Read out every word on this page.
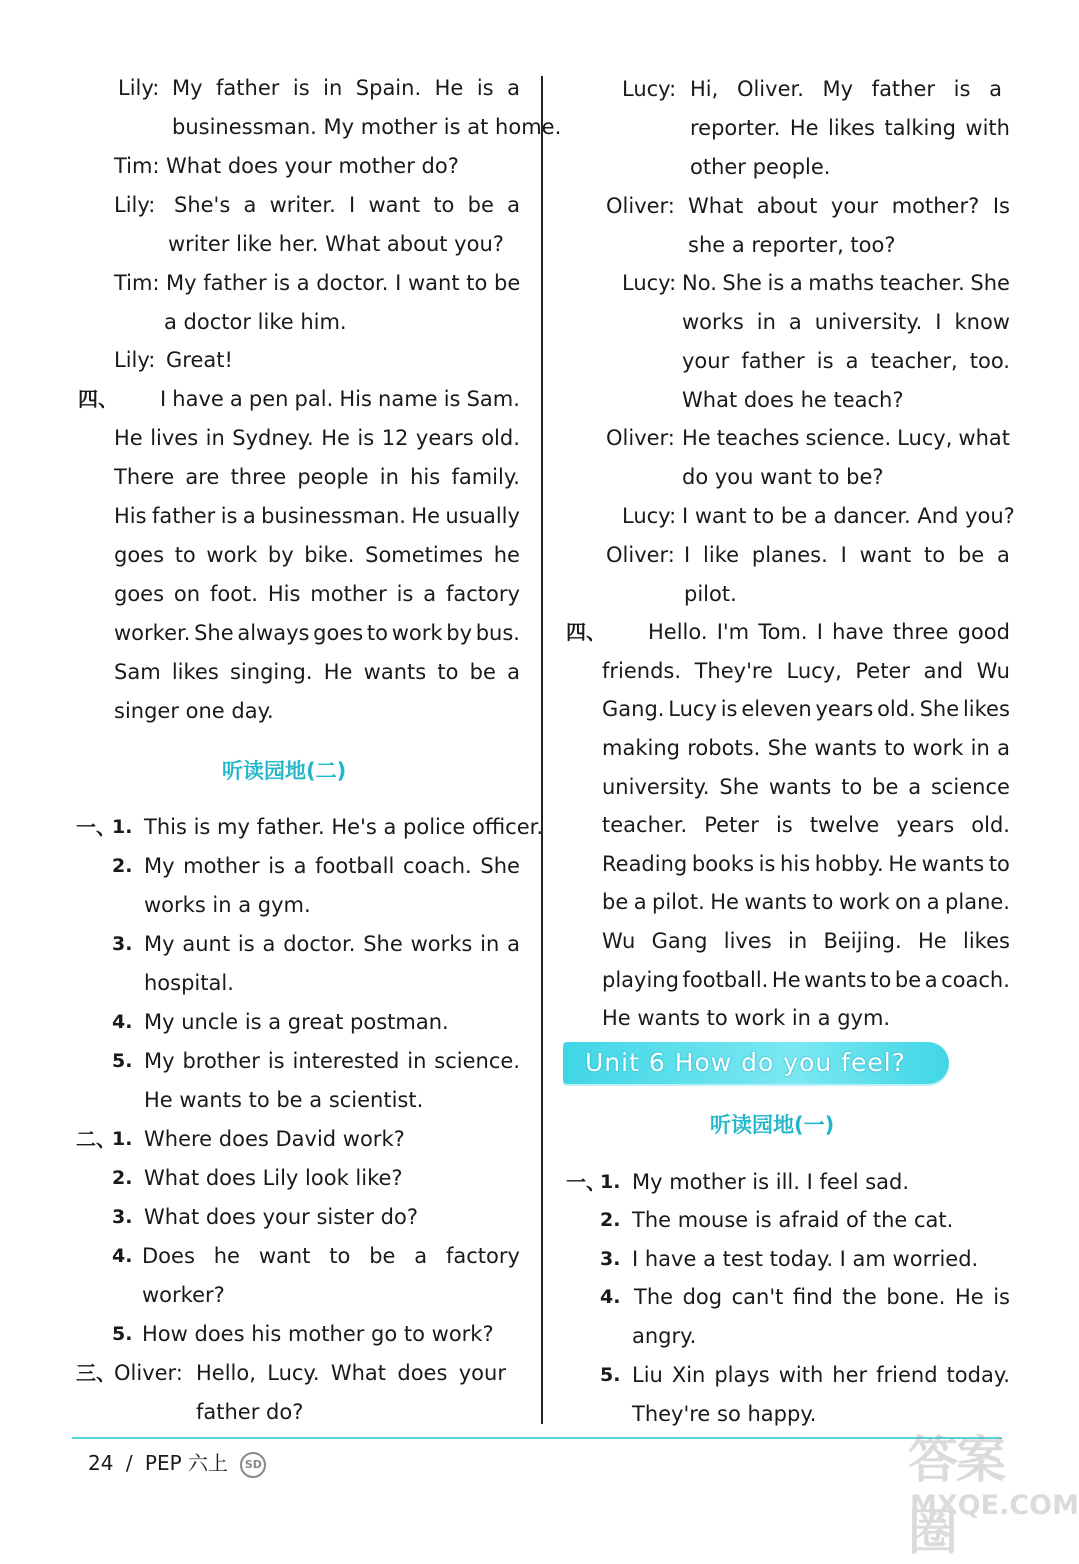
Lily: My father is in Spain. He is a
businessman. My mother is at home.
Tim: What does your mother do?
Lily: She's a writer. I want to be a
writer like her. What about you?
Tim: My father is a doctor. I want to be
a doctor like him.
Lily: Great!
四、 I have a pen pal. His name is Sam.
He lives in Sydney. He is 12 years old.
There are three people in his family.
His father is a businessman. He usually
goes to work by bike. Sometimes he
goes on foot. His mother is a factory
worker. She always goes to work by bus.
Sam likes singing. He wants to be a
singer one day.
听读园地(二)
一、
1. This is my father. He's a police officer.
2. My mother is a football coach. She
works in a gym.
3. My aunt is a doctor. She works in a
hospital.
4. My uncle is a great postman.
5. My brother is interested in science.
He wants to be a scientist.
二、
1. Where does David work?
2. What does Lily look like?
3. What does your sister do?
4. Does he want to be a factory
worker?
5. How does his mother go to work?
三、
Oliver: Hello, Lucy. What does your
father do?
Lucy: Hi, Oliver. My father is a
reporter. He likes talking with
other people.
Oliver: What about your mother? Is
she a reporter, too?
Lucy: No. She is a maths teacher. She
works in a university. I know
your father is a teacher, too.
What does he teach?
Oliver: He teaches science. Lucy, what
do you want to be?
Lucy: I want to be a dancer. And you?
Oliver: I like planes. I want to be a
pilot.
四、 Hello. I'm Tom. I have three good
friends. They're Lucy, Peter and Wu
Gang. Lucy is eleven years old. She likes
making robots. She wants to work in a
university. She wants to be a science
teacher. Peter is twelve years old.
Reading books is his hobby. He wants to
be a pilot. He wants to work on a plane.
Wu Gang lives in Beijing. He likes
playing football. He wants to be a coach.
He wants to work in a gym.
听读园地(一)
一、
1. My mother is ill. I feel sad.
2. The mouse is afraid of the cat.
3. I have a test today. I am worried.
4. The dog can't find the bone. He is
angry.
5. Liu Xin plays with her friend today.
They're so happy.
Unit 6 How do you feel?
24 / PEP 六上 SD	答案圈
MXQE.COM
